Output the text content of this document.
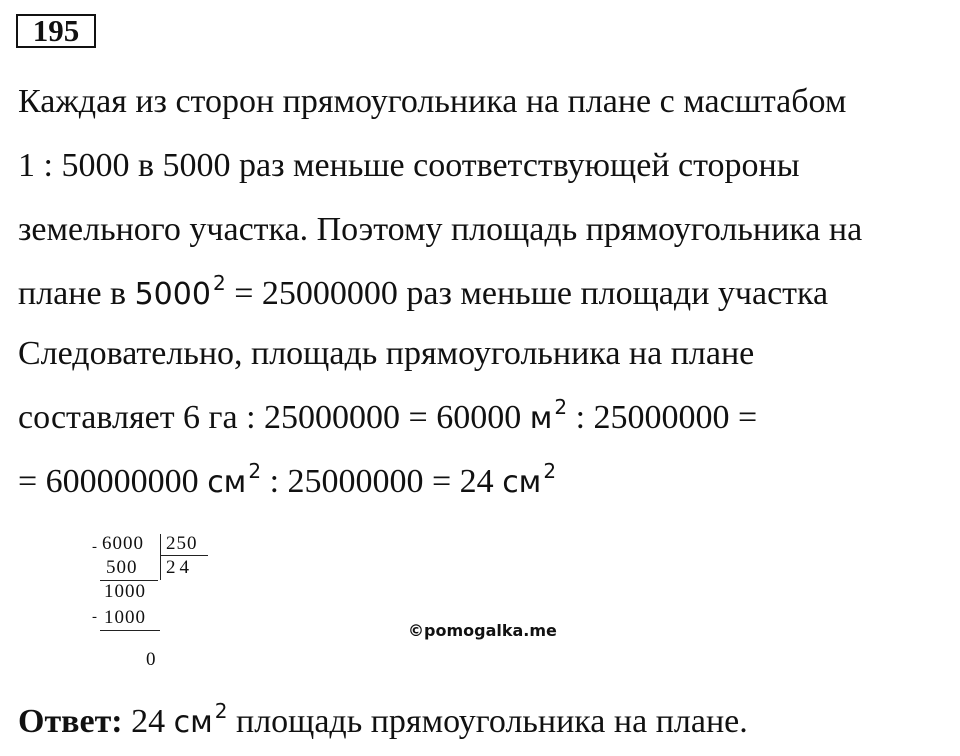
195
Каждая из сторон прямоугольника на плане с масштабом
1 : 5000 в 5000 раз меньше соответствующей стороны
земельного участка. Поэтому площадь прямоугольника на
плане в 5000 $^2$ = 25000000 раз меньше площади участка
Следовательно, площадь прямоугольника на плане
составляет 6 га : 25000000 = 60000 м $^2$ : 25000000 =
= 600000000 см $^2$ : 25000000 = 24 см $^2$
- 6000 250
500 24
1000
- 1000
0
©pomogalka.me
Ответ: 24 см $^2$ площадь прямоугольника на плане.
